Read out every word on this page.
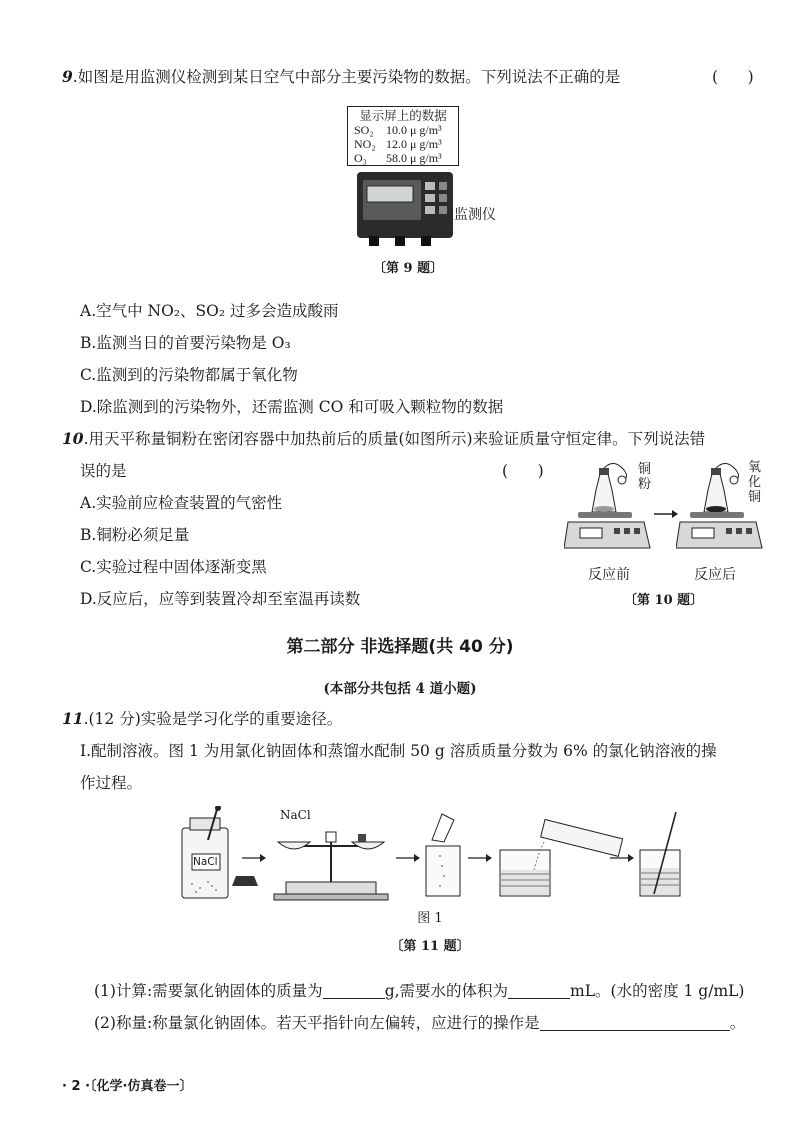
9.如图是用监测仪检测到某日空气中部分主要污染物的数据。下列说法不正确的是	(      )
显示屏上的数据
SO₂ 10.0 μ g/m³
NO₂ 12.0 μ g/m³
O₃ 58.0 μ g/m³
监测仪
〔第 9 题〕
A.空气中 NO₂、SO₂ 过多会造成酸雨
B.监测当日的首要污染物是 O₃
C.监测到的污染物都属于氧化物
D.除监测到的污染物外，还需监测 CO 和可吸入颗粒物的数据
10.用天平称量铜粉在密闭容器中加热前后的质量(如图所示)来验证质量守恒定律。下列说法错
误的是	(      )
A.实验前应检查装置的气密性
B.铜粉必须足量
C.实验过程中固体逐渐变黑
D.反应后，应等到装置冷却至室温再读数
铜粉
氧化铜
反应前	反应后
〔第 10 题〕
第二部分 非选择题(共 40 分)
(本部分共包括 4 道小题)
11.(12 分)实验是学习化学的重要途径。
Ⅰ.配制溶液。图 1 为用氯化钠固体和蒸馏水配制 50 g 溶质质量分数为 6% 的氯化钠溶液的操
作过程。
NaCl
NaCl
图 1
〔第 11 题〕
(1)计算:需要氯化钠固体的质量为	g,需要水的体积为	mL。(水的密度 1 g/mL)
(2)称量:称量氯化钠固体。若天平指针向左偏转，应进行的操作是	。
· 2 ·〔化学·仿真卷一〕
